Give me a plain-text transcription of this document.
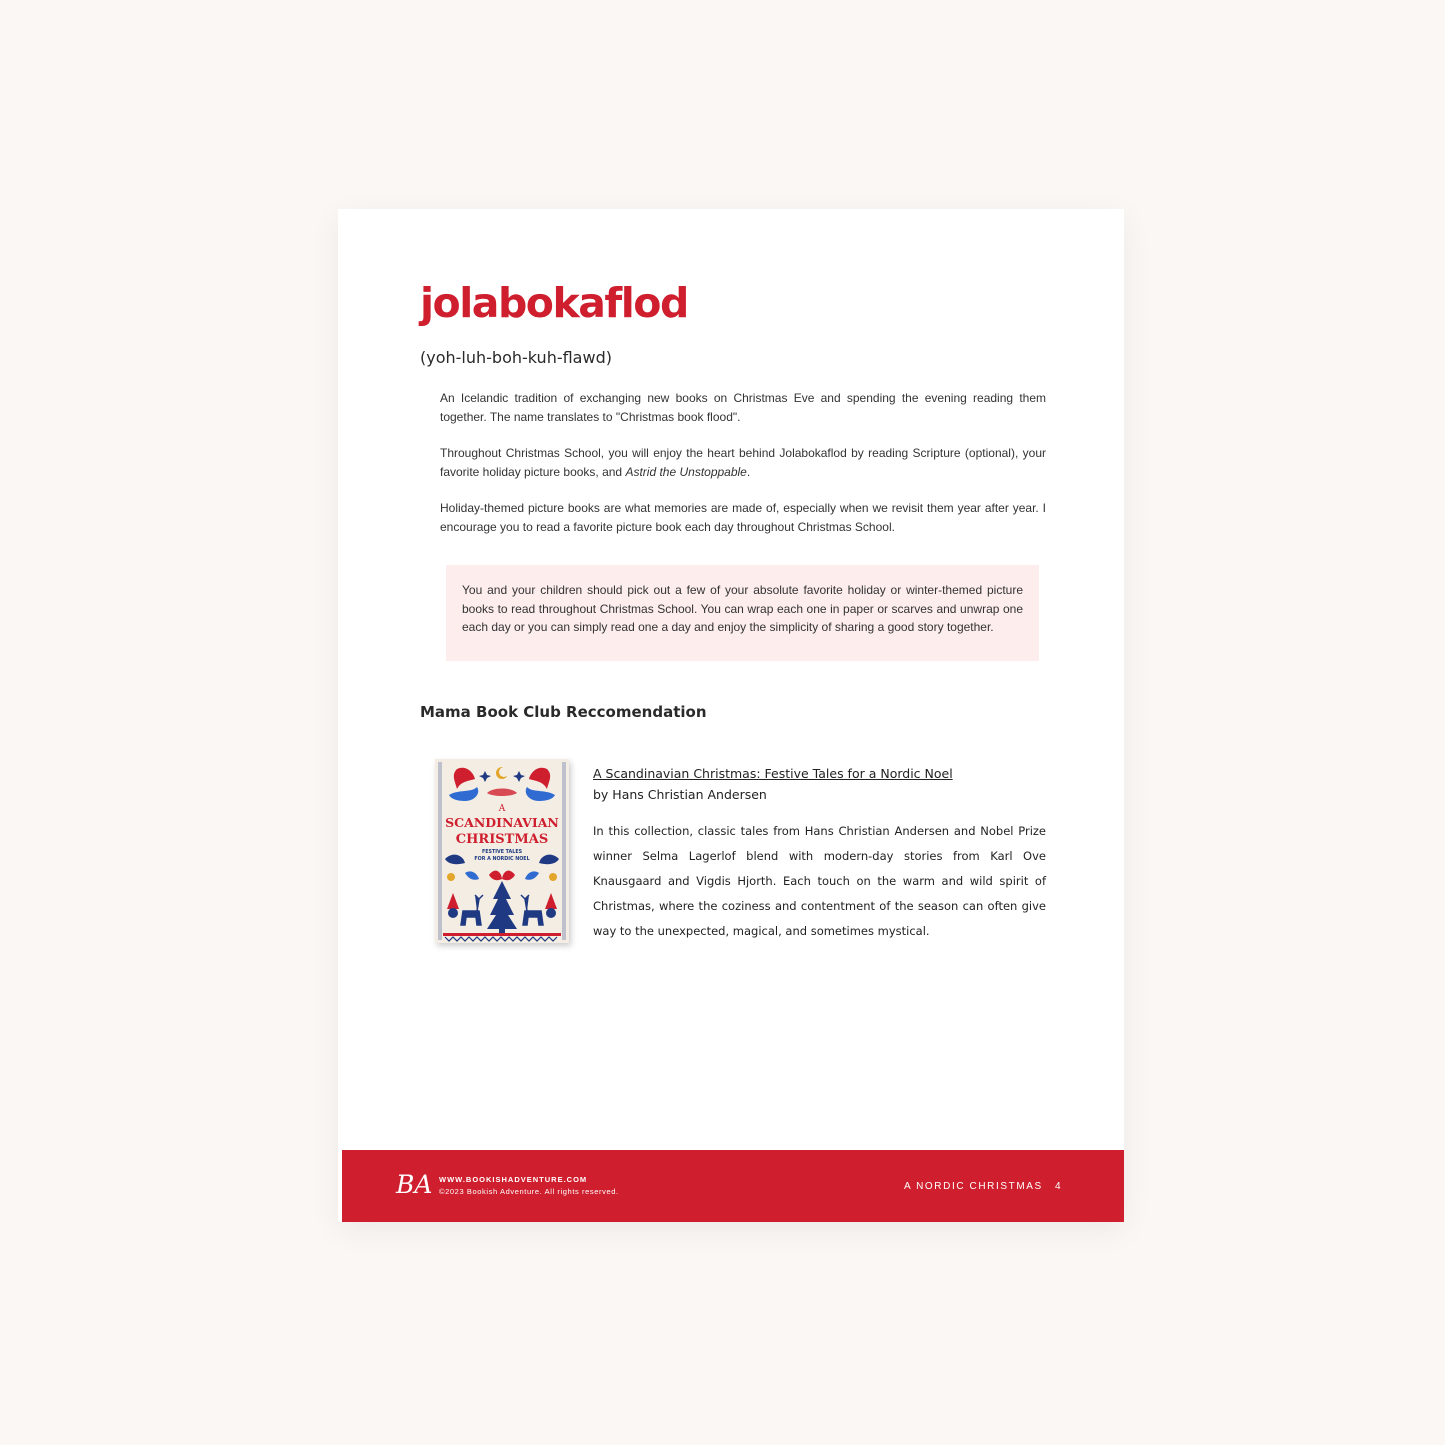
jolabokaflod

(yoh-luh-boh-kuh-flawd)

An Icelandic tradition of exchanging new books on Christmas Eve and spending the evening reading them together. The name translates to "Christmas book flood".

Throughout Christmas School, you will enjoy the heart behind Jolabokaflod by reading Scripture (optional), your favorite holiday picture books, and Astrid the Unstoppable.

Holiday-themed picture books are what memories are made of, especially when we revisit them year after year. I encourage you to read a favorite picture book each day throughout Christmas School.

You and your children should pick out a few of your absolute favorite holiday or winter-themed picture books to read throughout Christmas School. You can wrap each one in paper or scarves and unwrap one each day or you can simply read one a day and enjoy the simplicity of sharing a good story together.
Mama Book Club Reccomendation
A
SCANDINAVIAN
CHRISTMAS
FESTIVE TALES
FOR A NORDIC NOEL

A Scandinavian Christmas: Festive Tales for a Nordic Noel

by Hans Christian Andersen

In this collection, classic tales from Hans Christian Andersen and Nobel Prize winner Selma Lagerlof blend with modern-day stories from Karl Ove Knausgaard and Vigdis Hjorth. Each touch on the warm and wild spirit of Christmas, where the coziness and contentment of the season can often give way to the unexpected, magical, and sometimes mystical.

BA WWW.BOOKISHADVENTURE.COM
©2023 Bookish Adventure. All rights reserved.	A NORDIC CHRISTMAS 4
